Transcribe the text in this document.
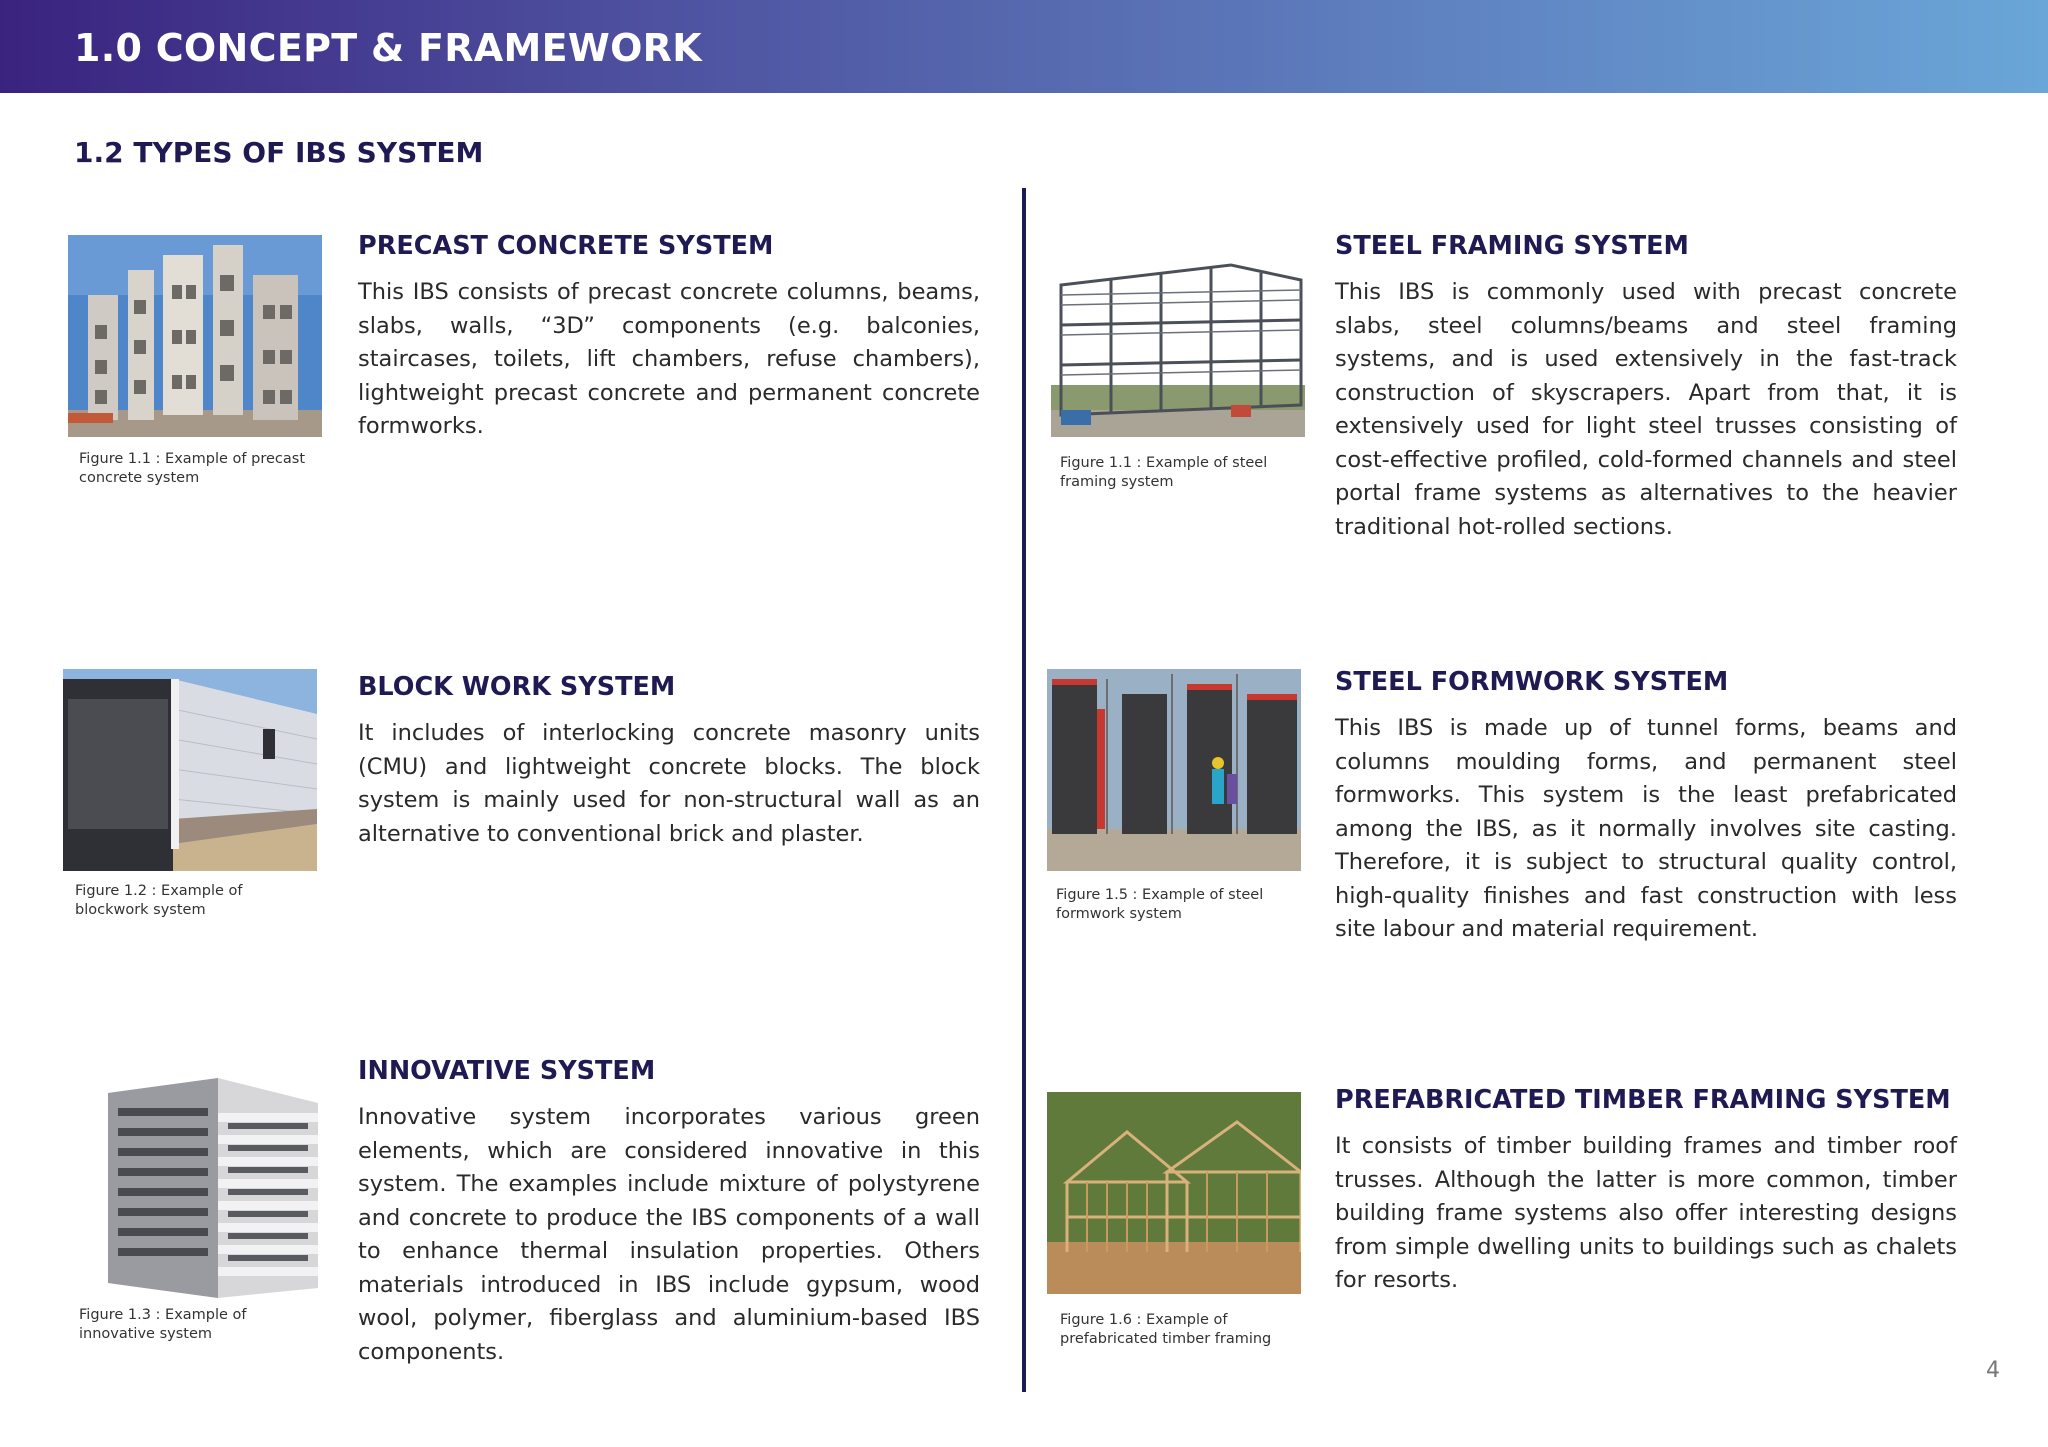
1.0 CONCEPT & FRAMEWORK
1.2 TYPES OF IBS SYSTEM
Figure 1.1 : Example of precast concrete system
PRECAST CONCRETE SYSTEM
This IBS consists of precast concrete columns, beams, slabs, walls, “3D” components (e.g. balconies, staircases, toilets, lift chambers, refuse chambers), lightweight precast concrete and permanent concrete formworks.
Figure 1.2 : Example of blockwork system
BLOCK WORK SYSTEM
It includes of interlocking concrete masonry units (CMU) and lightweight concrete blocks. The block system is mainly used for non-structural wall as an alternative to conventional brick and plaster.
Figure 1.3 : Example of innovative system
INNOVATIVE SYSTEM
Innovative system incorporates various green elements, which are considered innovative in this system. The examples include mixture of polystyrene and concrete to produce the IBS components of a wall to enhance thermal insulation properties. Others materials introduced in IBS include gypsum, wood wool, polymer, fiberglass and aluminium-based IBS components.
Figure 1.1 : Example of steel framing system
STEEL FRAMING SYSTEM
This IBS is commonly used with precast concrete slabs, steel columns/beams and steel framing systems, and is used extensively in the fast-track construction of skyscrapers. Apart from that, it is extensively used for light steel trusses consisting of cost-effective profiled, cold-formed channels and steel portal frame systems as alternatives to the heavier traditional hot-rolled sections.
Figure 1.5 : Example of steel formwork system
STEEL FORMWORK SYSTEM
This IBS is made up of tunnel forms, beams and columns moulding forms, and permanent steel formworks. This system is the least prefabricated among the IBS, as it normally involves site casting. Therefore, it is subject to structural quality control, high-quality finishes and fast construction with less site labour and material requirement.
Figure 1.6 : Example of prefabricated timber framing
PREFABRICATED TIMBER FRAMING SYSTEM
It consists of timber building frames and timber roof trusses. Although the latter is more common, timber building frame systems also offer interesting designs from simple dwelling units to buildings such as chalets for resorts.
4
